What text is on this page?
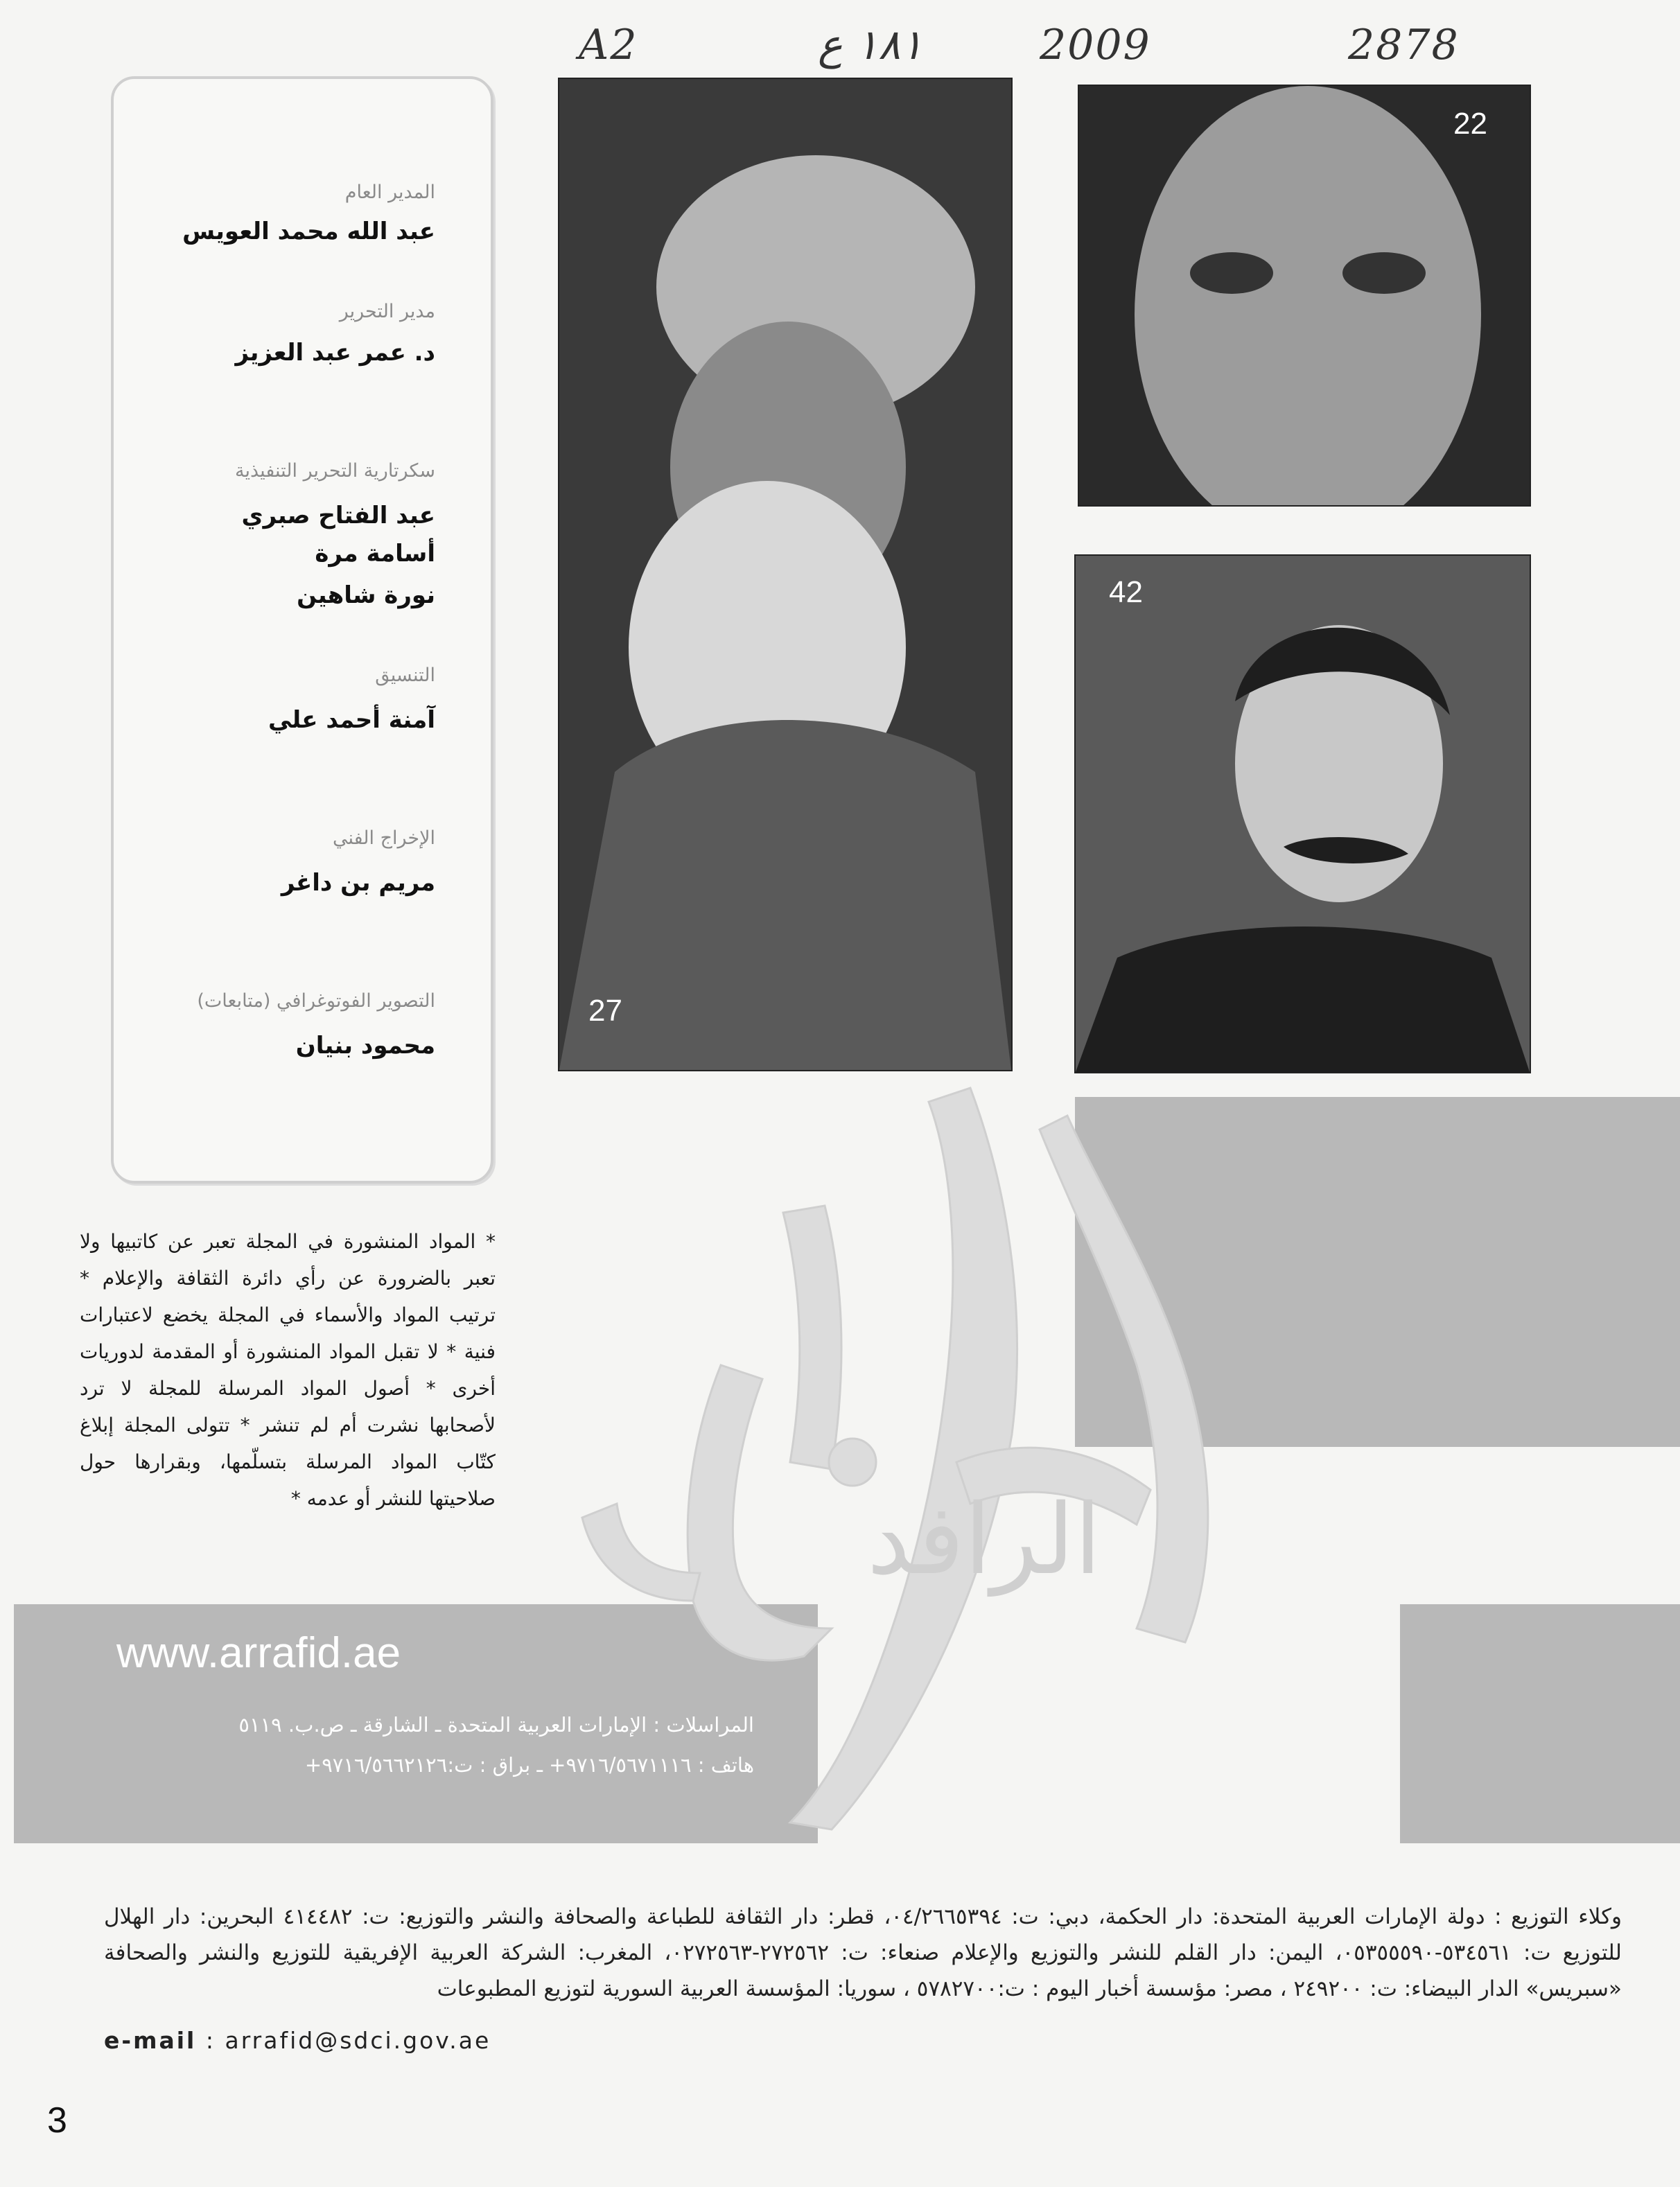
A2	١٨١ ع	2009	2878
المدير العام
عبد الله محمد العويس
مدير التحرير
د. عمر عبد العزيز
سكرتارية التحرير التنفيذية
عبد الفتاح صبري
أسامة مرة
نورة شاهين
التنسيق
آمنة أحمد علي
الإخراج الفني
مريم بن داغر
التصوير الفوتوغرافي (متابعات)
محمود بنيان
الرافد
27
22
42
* المواد المنشورة في المجلة تعبر عن كاتبيها ولا تعبر بالضرورة عن رأي دائرة الثقافة والإعلام * ترتيب المواد والأسماء في المجلة يخضع لاعتبارات فنية * لا تقبل المواد المنشورة أو المقدمة لدوريات أخرى * أصول المواد المرسلة للمجلة لا ترد لأصحابها نشرت أم لم تنشر * تتولى المجلة إبلاغ كتّاب المواد المرسلة بتسلّمها، وبقرارها حول صلاحيتها للنشر أو عدمه *
www.arrafid.ae
المراسلات : الإمارات العربية المتحدة ـ الشارقة ـ ص.ب. ٥١١٩
هاتف : ٩٧١٦/٥٦٧١١١٦+ ـ براق : ت:٩٧١٦/٥٦٦٢١٢٦+
وكلاء التوزيع : دولة الإمارات العربية المتحدة: دار الحكمة، دبي: ت: ٠٤/٢٦٦٥٣٩٤، قطر: دار الثقافة للطباعة والصحافة والنشر والتوزيع: ت: ٤١٤٤٨٢ البحرين: دار الهلال للتوزيع ت: ٥٣٤٥٦١-٠٥٣٥٥٥٩٠، اليمن: دار القلم للنشر والتوزيع والإعلام صنعاء: ت: ٢٧٢٥٦٢-٠٢٧٢٥٦٣، المغرب: الشركة العربية الإفريقية للتوزيع والنشر والصحافة «سبريس» الدار البيضاء: ت: ٢٤٩٢٠٠ ، مصر: مؤسسة أخبار اليوم : ت:٥٧٨٢٧٠٠ ، سوريا: المؤسسة العربية السورية لتوزيع المطبوعات
e-mail : arrafid@sdci.gov.ae
3
